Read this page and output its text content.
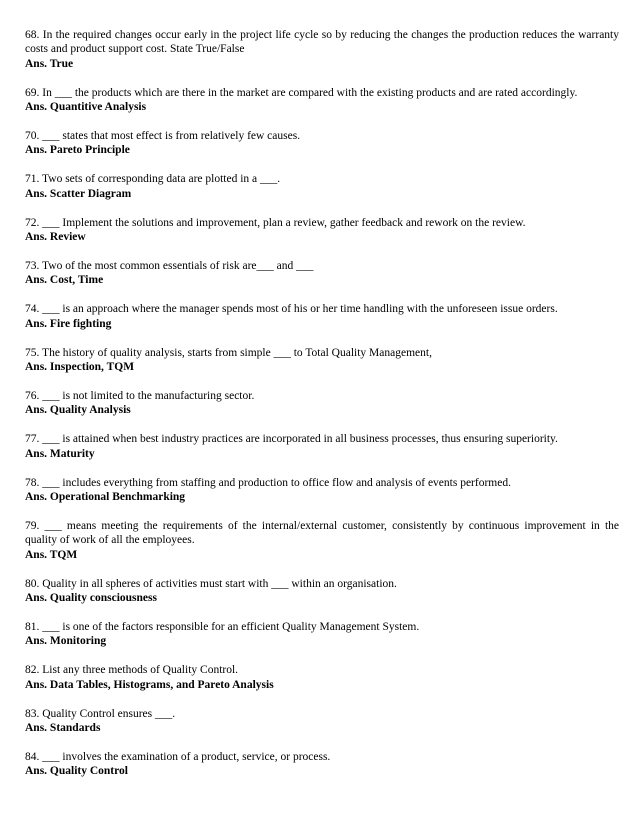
68. In the required changes occur early in the project life cycle so by reducing the changes the production reduces the warranty costs and product support cost. State True/False

Ans. True

69. In ___ the products which are there in the market are compared with the existing products and are rated accordingly.

Ans. Quantitive Analysis

70. ___ states that most effect is from relatively few causes.

Ans. Pareto Principle

71. Two sets of corresponding data are plotted in a ___.

Ans. Scatter Diagram

72. ___ Implement the solutions and improvement, plan a review, gather feedback and rework on the review.

Ans. Review

73. Two of the most common essentials of risk are___ and ___

Ans. Cost, Time

74. ___ is an approach where the manager spends most of his or her time handling with the unforeseen issue orders.

Ans. Fire fighting

75. The history of quality analysis, starts from simple ___ to Total Quality Management,

Ans. Inspection, TQM

76. ___ is not limited to the manufacturing sector.

Ans. Quality Analysis

77. ___ is attained when best industry practices are incorporated in all business processes, thus ensuring superiority.

Ans. Maturity

78. ___ includes everything from staffing and production to office flow and analysis of events performed.

Ans. Operational Benchmarking

79. ___ means meeting the requirements of the internal/external customer, consistently by continuous improvement in the quality of work of all the employees.

Ans. TQM

80. Quality in all spheres of activities must start with ___ within an organisation.

Ans. Quality consciousness

81. ___ is one of the factors responsible for an efficient Quality Management System.

Ans. Monitoring

82. List any three methods of Quality Control.

Ans. Data Tables, Histograms, and Pareto Analysis

83. Quality Control ensures ___.

Ans. Standards

84. ___ involves the examination of a product, service, or process.

Ans. Quality Control
